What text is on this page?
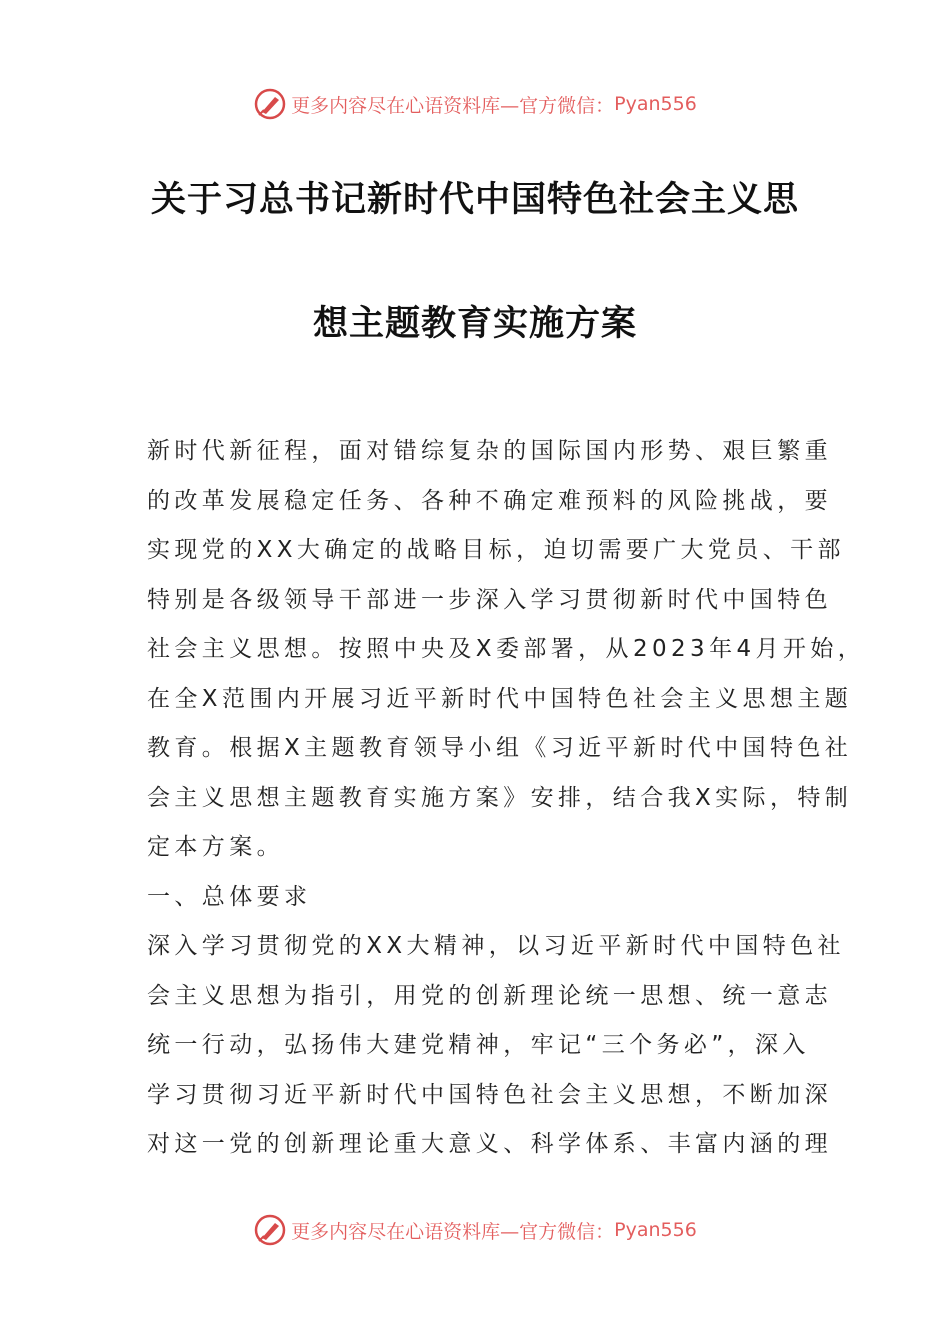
更多内容尽在心语资料库—官方微信： Pyan556
关于习总书记新时代中国特色社会主义思
想主题教育实施方案
新时代新征程，面对错综复杂的国际国内形势、艰巨繁重
的改革发展稳定任务、各种不确定难预料的风险挑战，要
实现党的XX大确定的战略目标，迫切需要广大党员、干部
特别是各级领导干部进一步深入学习贯彻新时代中国特色
社会主义思想。按照中央及X委部署，从2023年4月开始，
在全X范围内开展习近平新时代中国特色社会主义思想主题
教育。根据X主题教育领导小组《习近平新时代中国特色社
会主义思想主题教育实施方案》安排，结合我X实际，特制
定本方案。
一、总体要求
深入学习贯彻党的XX大精神，以习近平新时代中国特色社
会主义思想为指引，用党的创新理论统一思想、统一意志
统一行动，弘扬伟大建党精神，牢记“三个务必”，深入
学习贯彻习近平新时代中国特色社会主义思想，不断加深
对这一党的创新理论重大意义、科学体系、丰富内涵的理
更多内容尽在心语资料库—官方微信： Pyan556
